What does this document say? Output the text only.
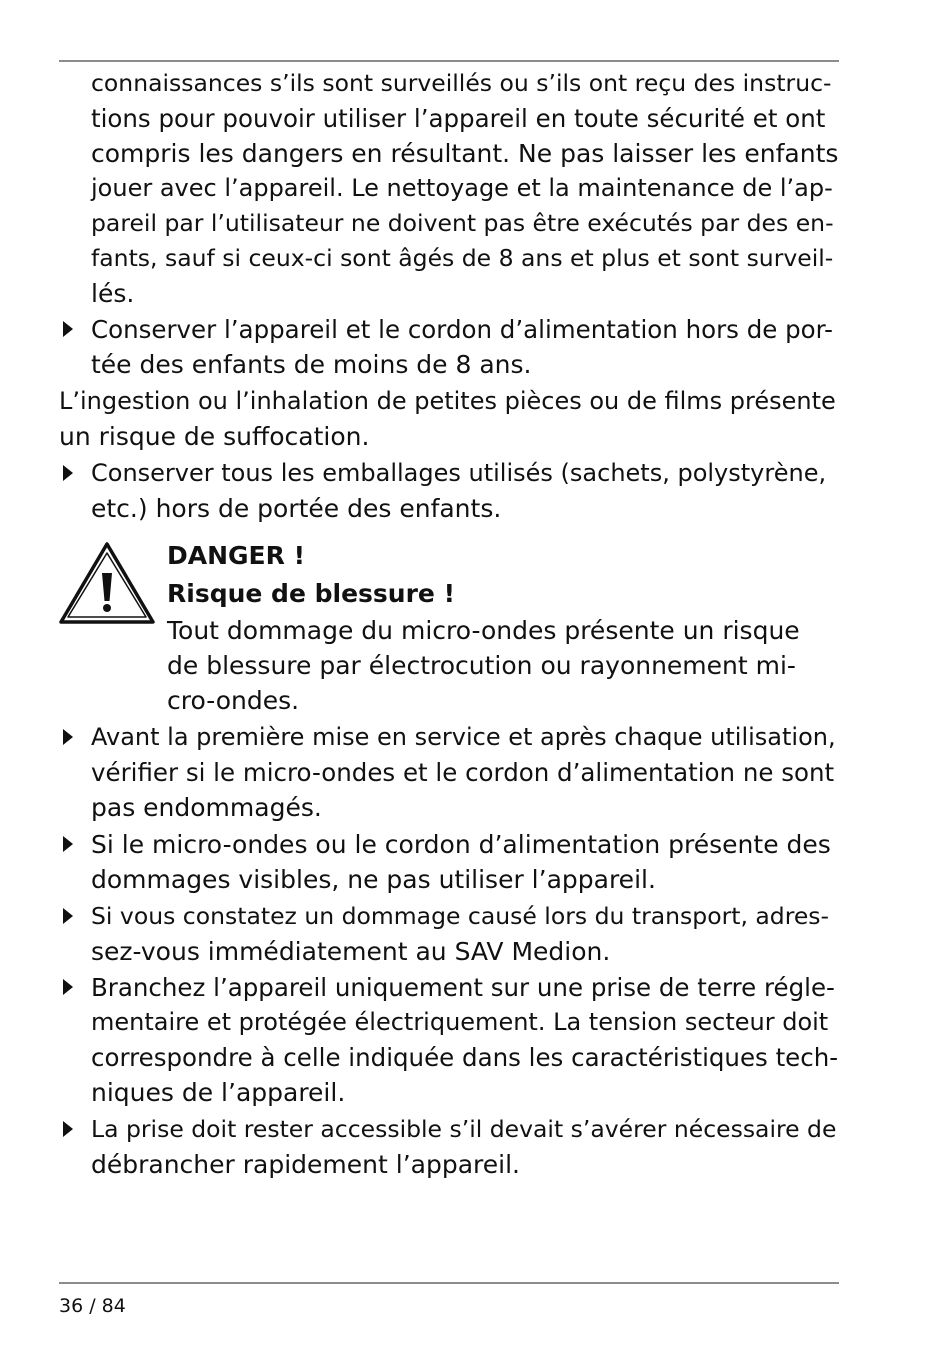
connaissances s’ils sont surveillés ou s’ils ont reçu des instruc-
tions pour pouvoir utiliser l’appareil en toute sécurité et ont
compris les dangers en résultant. Ne pas laisser les enfants
jouer avec l’appareil. Le nettoyage et la maintenance de l’ap-
pareil par l’utilisateur ne doivent pas être exécutés par des en-
fants, sauf si ceux-ci sont âgés de 8 ans et plus et sont surveil-
lés.
Conserver l’appareil et le cordon d’alimentation hors de por-
tée des enfants de moins de 8 ans.
L’ingestion ou l’inhalation de petites pièces ou de films présente
un risque de suffocation.
Conserver tous les emballages utilisés (sachets, polystyrène,
etc.) hors de portée des enfants.
DANGER !
Risque de blessure !
Tout dommage du micro-ondes présente un risque
de blessure par électrocution ou rayonnement mi-
cro-ondes.
Avant la première mise en service et après chaque utilisation,
vérifier si le micro-ondes et le cordon d’alimentation ne sont
pas endommagés.
Si le micro-ondes ou le cordon d’alimentation présente des
dommages visibles, ne pas utiliser l’appareil.
Si vous constatez un dommage causé lors du transport, adres-
sez-vous immédiatement au SAV Medion.
Branchez l’appareil uniquement sur une prise de terre régle-
mentaire et protégée électriquement. La tension secteur doit
correspondre à celle indiquée dans les caractéristiques tech-
niques de l’appareil.
La prise doit rester accessible s’il devait s’avérer nécessaire de
débrancher rapidement l’appareil.
36 / 84
